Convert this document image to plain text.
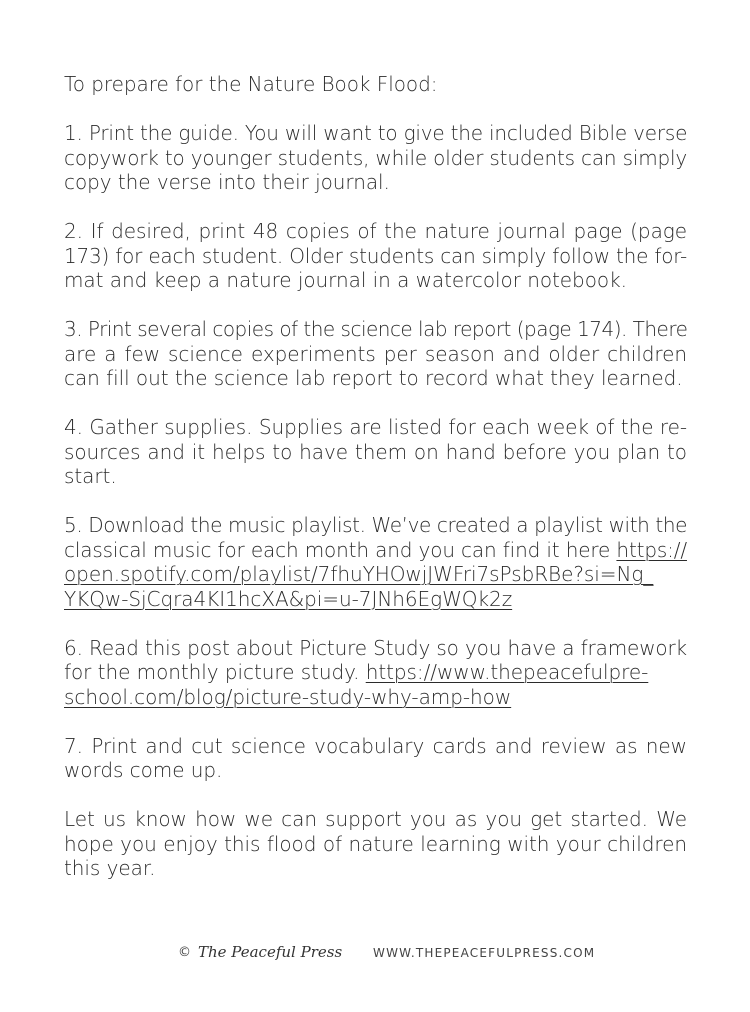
To prepare for the Nature Book Flood:
1. Print the guide. You will want to give the included Bible verse
copywork to younger students, while older students can simply
copy the verse into their journal.
2. If desired, print 48 copies of the nature journal page (page
173) for each student. Older students can simply follow the for-
mat and keep a nature journal in a watercolor notebook.
3. Print several copies of the science lab report (page 174). There
are a few science experiments per season and older children
can fill out the science lab report to record what they learned.
4. Gather supplies. Supplies are listed for each week of the re-
sources and it helps to have them on hand before you plan to
start.
5. Download the music playlist. We’ve created a playlist with the
classical music for each month and you can find it here https://
open.spotify.com/playlist/7fhuYHOwjJWFri7sPsbRBe?si=Ng_
YKQw-SjCqra4KI1hcXA&pi=u-7JNh6EgWQk2z
6. Read this post about Picture Study so you have a framework
for the monthly picture study. https://www.thepeacefulpre-
school.com/blog/picture-study-why-amp-how
7. Print and cut science vocabulary cards and review as new
words come up.
Let us know how we can support you as you get started. We
hope you enjoy this flood of nature learning with your children
this year.
© The Peaceful Press	WWW.THEPEACEFULPRESS.COM
